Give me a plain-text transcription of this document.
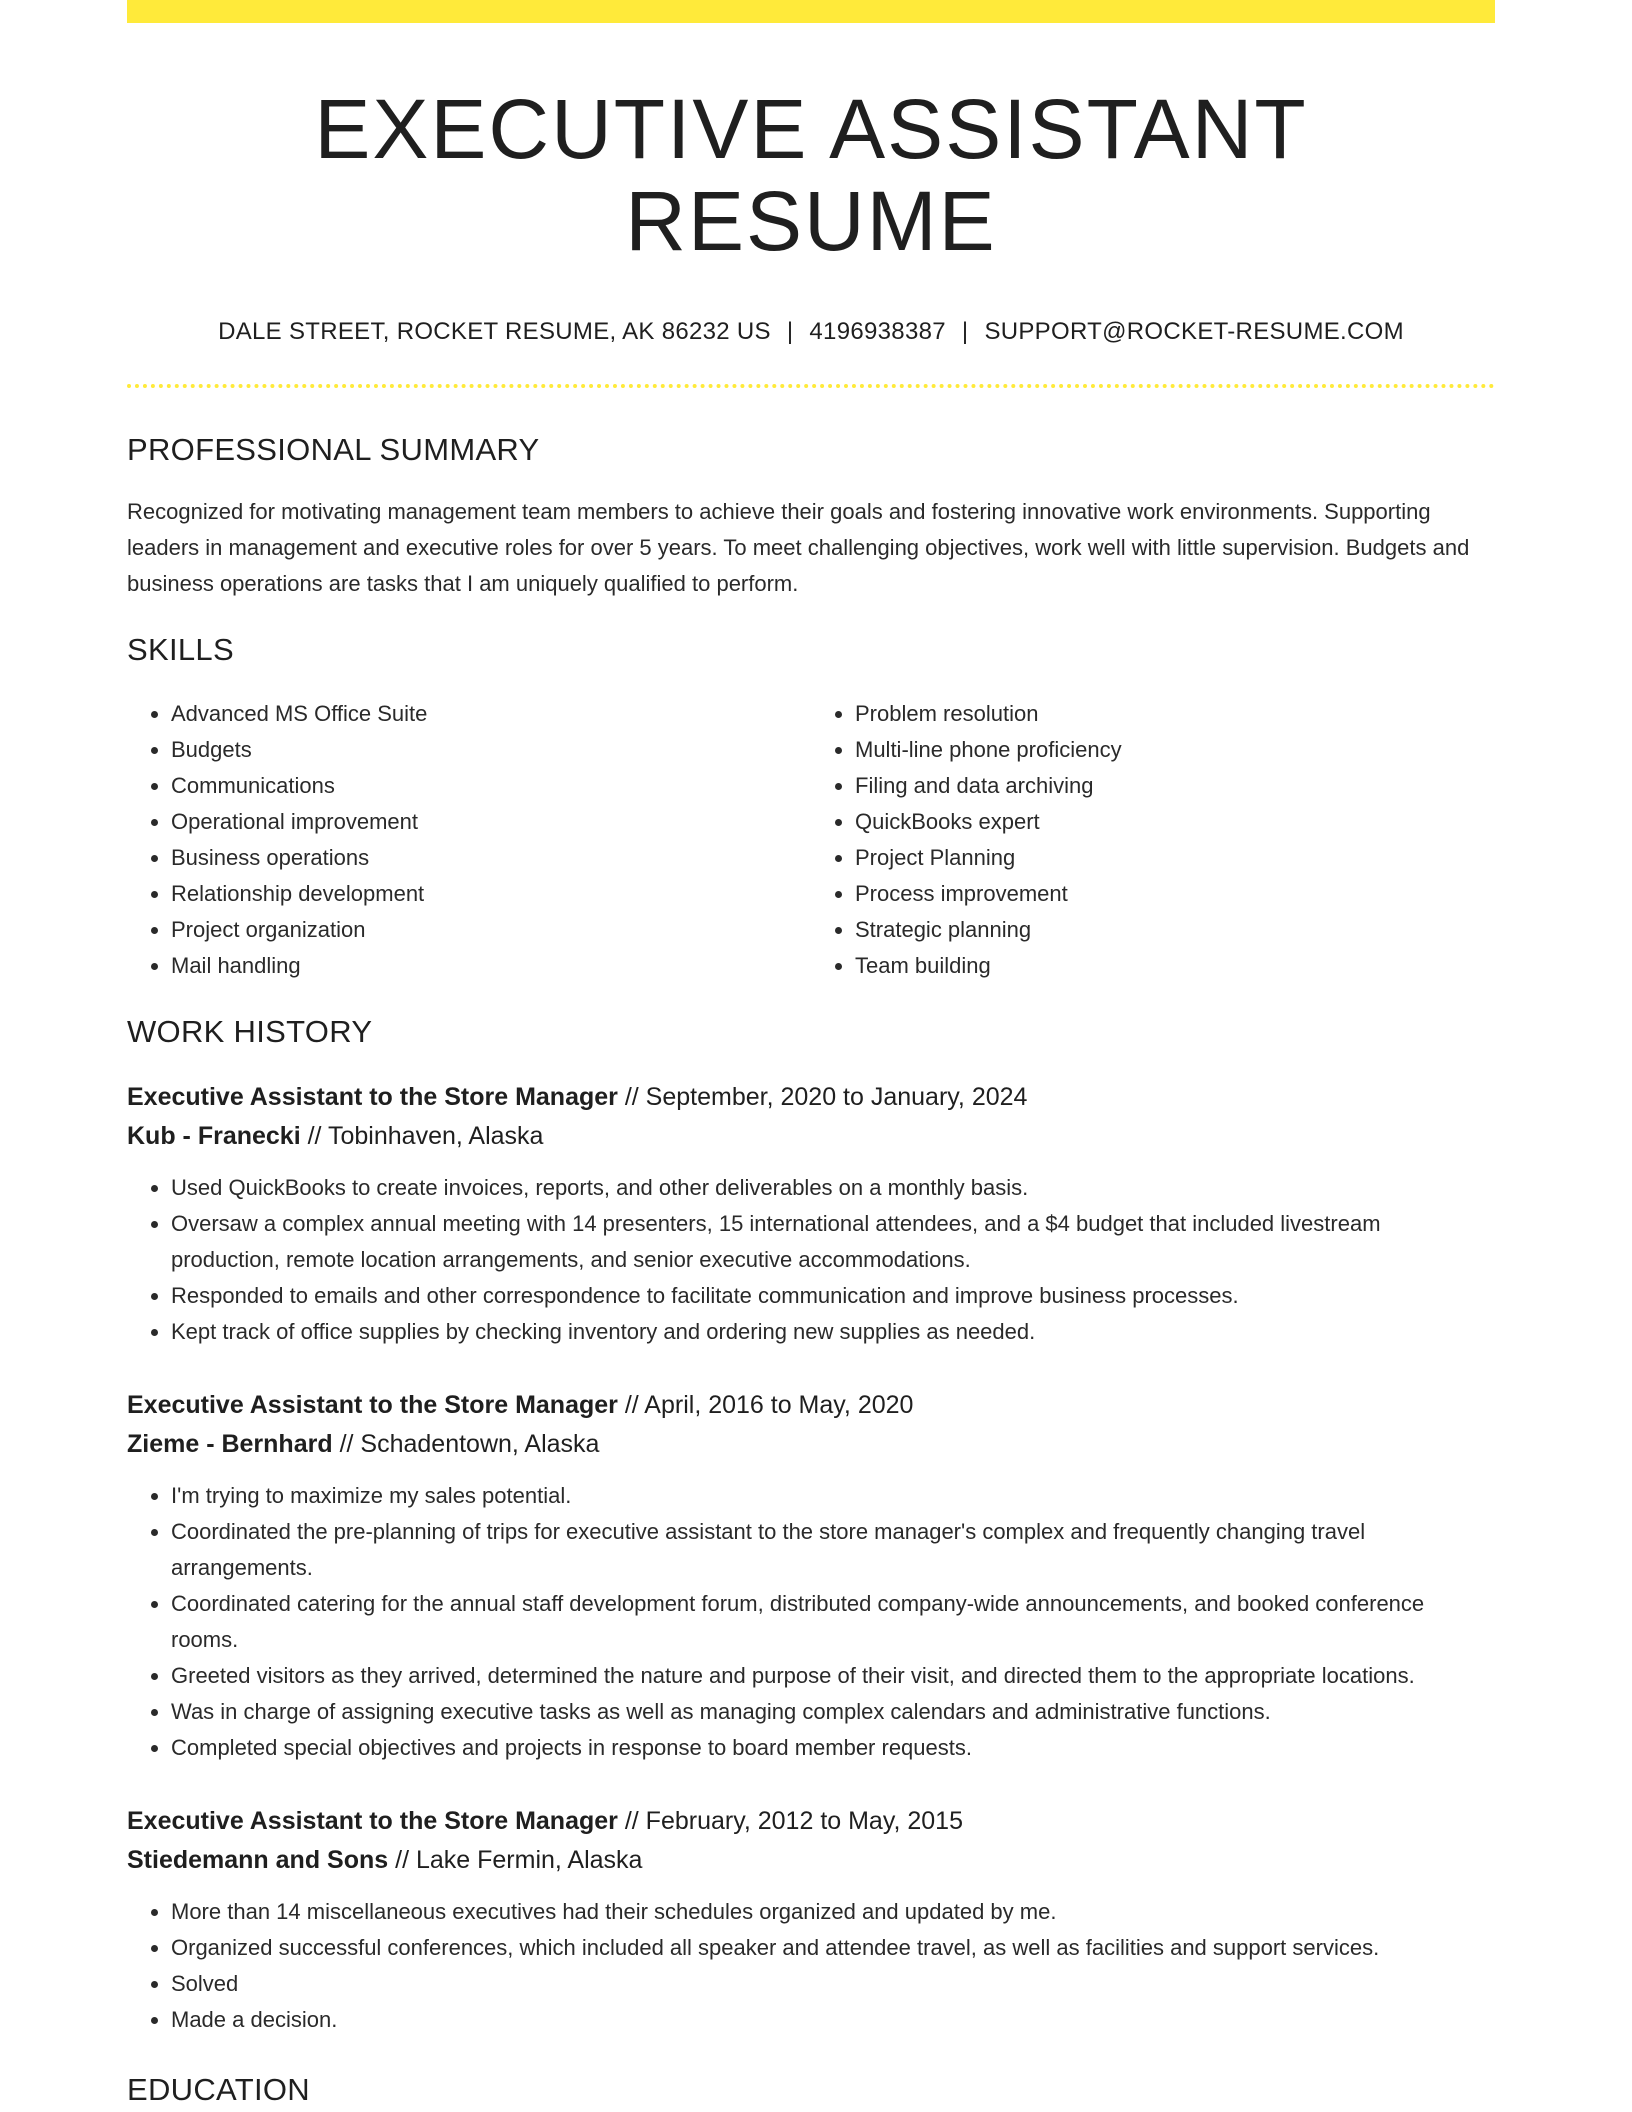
EXECUTIVE ASSISTANT RESUME
DALE STREET, ROCKET RESUME, AK 86232 US | 4196938387 | SUPPORT@ROCKET-RESUME.COM
PROFESSIONAL SUMMARY
Recognized for motivating management team members to achieve their goals and fostering innovative work environments. Supporting leaders in management and executive roles for over 5 years. To meet challenging objectives, work well with little supervision. Budgets and business operations are tasks that I am uniquely qualified to perform.
SKILLS
• Advanced MS Office Suite
• Budgets
• Communications
• Operational improvement
• Business operations
• Relationship development
• Project organization
• Mail handling
• Problem resolution
• Multi-line phone proficiency
• Filing and data archiving
• QuickBooks expert
• Project Planning
• Process improvement
• Strategic planning
• Team building
WORK HISTORY
Executive Assistant to the Store Manager // September, 2020 to January, 2024
Kub - Franecki // Tobinhaven, Alaska
• Used QuickBooks to create invoices, reports, and other deliverables on a monthly basis.
• Oversaw a complex annual meeting with 14 presenters, 15 international attendees, and a $4 budget that included livestream production, remote location arrangements, and senior executive accommodations.
• Responded to emails and other correspondence to facilitate communication and improve business processes.
• Kept track of office supplies by checking inventory and ordering new supplies as needed.
Executive Assistant to the Store Manager // April, 2016 to May, 2020
Zieme - Bernhard // Schadentown, Alaska
• I'm trying to maximize my sales potential.
• Coordinated the pre-planning of trips for executive assistant to the store manager's complex and frequently changing travel arrangements.
• Coordinated catering for the annual staff development forum, distributed company-wide announcements, and booked conference rooms.
• Greeted visitors as they arrived, determined the nature and purpose of their visit, and directed them to the appropriate locations.
• Was in charge of assigning executive tasks as well as managing complex calendars and administrative functions.
• Completed special objectives and projects in response to board member requests.
Executive Assistant to the Store Manager // February, 2012 to May, 2015
Stiedemann and Sons // Lake Fermin, Alaska
• More than 14 miscellaneous executives had their schedules organized and updated by me.
• Organized successful conferences, which included all speaker and attendee travel, as well as facilities and support services.
• Solved
• Made a decision.
EDUCATION
